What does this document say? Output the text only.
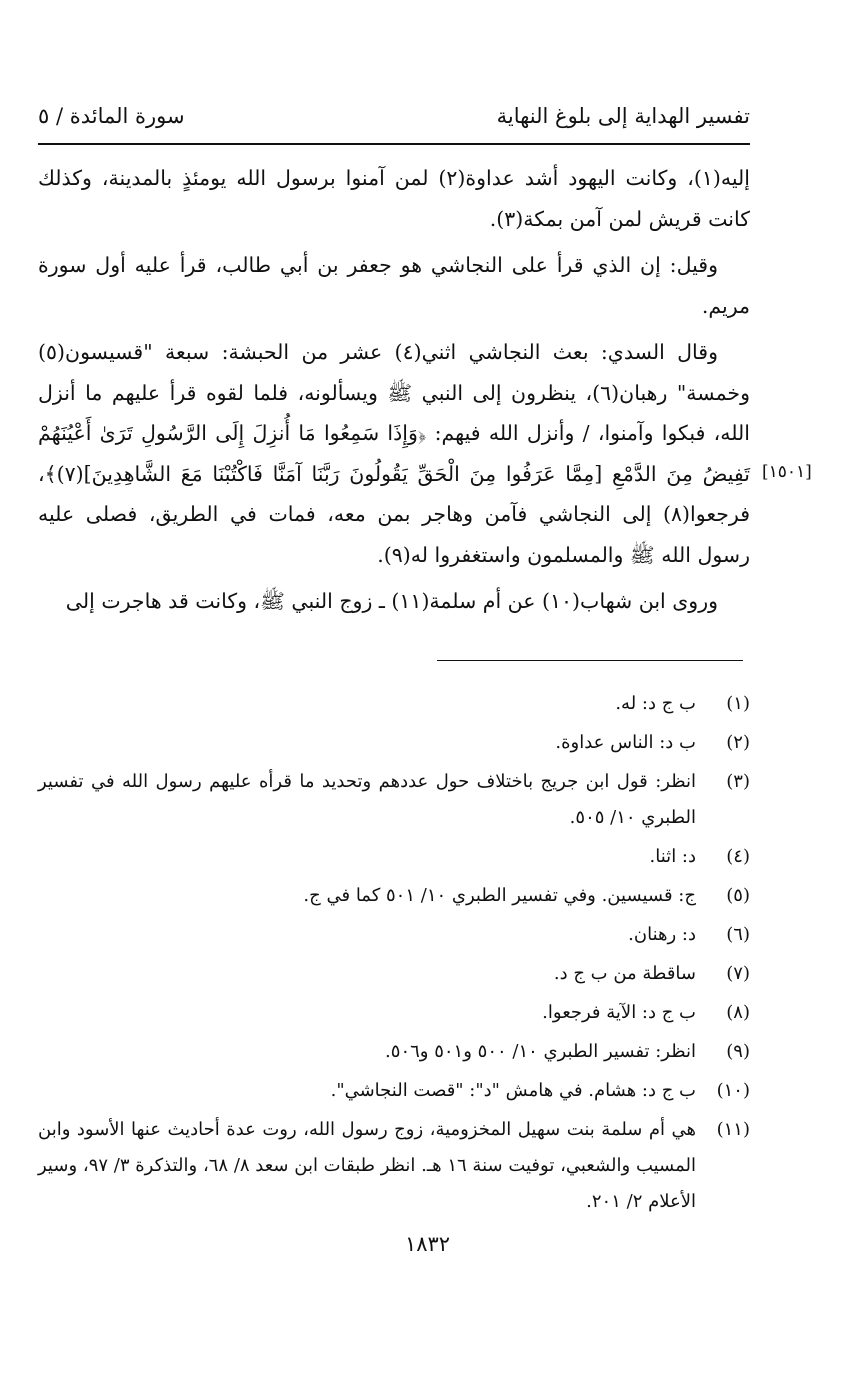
تفسير الهداية إلى بلوغ النهاية
سورة المائدة / ٥

إليه(١)، وكانت اليهود أشد عداوة(٢) لمن آمنوا برسول الله يومئذٍ بالمدينة، وكذلك كانت قريش لمن آمن بمكة(٣).

وقيل: إن الذي قرأ على النجاشي هو جعفر بن أبي طالب، قرأ عليه أول سورة مريم.

وقال السدي: بعث النجاشي اثني(٤) عشر من الحبشة: سبعة "قسيسون(٥) وخمسة" رهبان(٦)، ينظرون إلى النبي ﷺ ويسألونه، فلما لقوه قرأ عليهم ما أنزل الله، فبكوا وآمنوا، / وأنزل الله فيهم: ﴿وَإِذَا سَمِعُوا مَا أُنزِلَ إِلَى الرَّسُولِ تَرَىٰ أَعْيُنَهُمْ تَفِيضُ مِنَ الدَّمْعِ [مِمَّا عَرَفُوا مِنَ الْحَقِّ يَقُولُونَ رَبَّنَا آمَنَّا فَاكْتُبْنَا مَعَ الشَّاهِدِينَ](٧)﴾، فرجعوا(٨) إلى النجاشي فآمن وهاجر بمن معه، فمات في الطريق، فصلى عليه رسول الله ﷺ والمسلمون واستغفروا له(٩).

وروى ابن شهاب(١٠) عن أم سلمة(١١) ـ زوج النبي ﷺ، وكانت قد هاجرت إلى

[١٥٠١]
(١)
ب ج د: له.
(٢)
ب د: الناس عداوة.
(٣)
انظر: قول ابن جريج باختلاف حول عددهم وتحديد ما قرأه عليهم رسول الله في تفسير الطبري ١٠/ ٥٠٥.
(٤)
د: اثنا.
(٥)
ج: قسيسين. وفي تفسير الطبري ١٠/ ٥٠١ كما في ج.
(٦)
د: رهنان.
(٧)
ساقطة من ب ج د.
(٨)
ب ج د: الآية فرجعوا.
(٩)
انظر: تفسير الطبري ١٠/ ٥٠٠ و٥٠١ و٥٠٦.
(١٠)
ب ج د: هشام. في هامش "د": "قصت النجاشي".
(١١)
هي أم سلمة بنت سهيل المخزومية، زوج رسول الله، روت عدة أحاديث عنها الأسود وابن المسيب والشعبي، توفيت سنة ١٦ هـ. انظر طبقات ابن سعد ٨/ ٦٨، والتذكرة ٣/ ٩٧، وسير الأعلام ٢/ ٢٠١.
١٨٣٢
